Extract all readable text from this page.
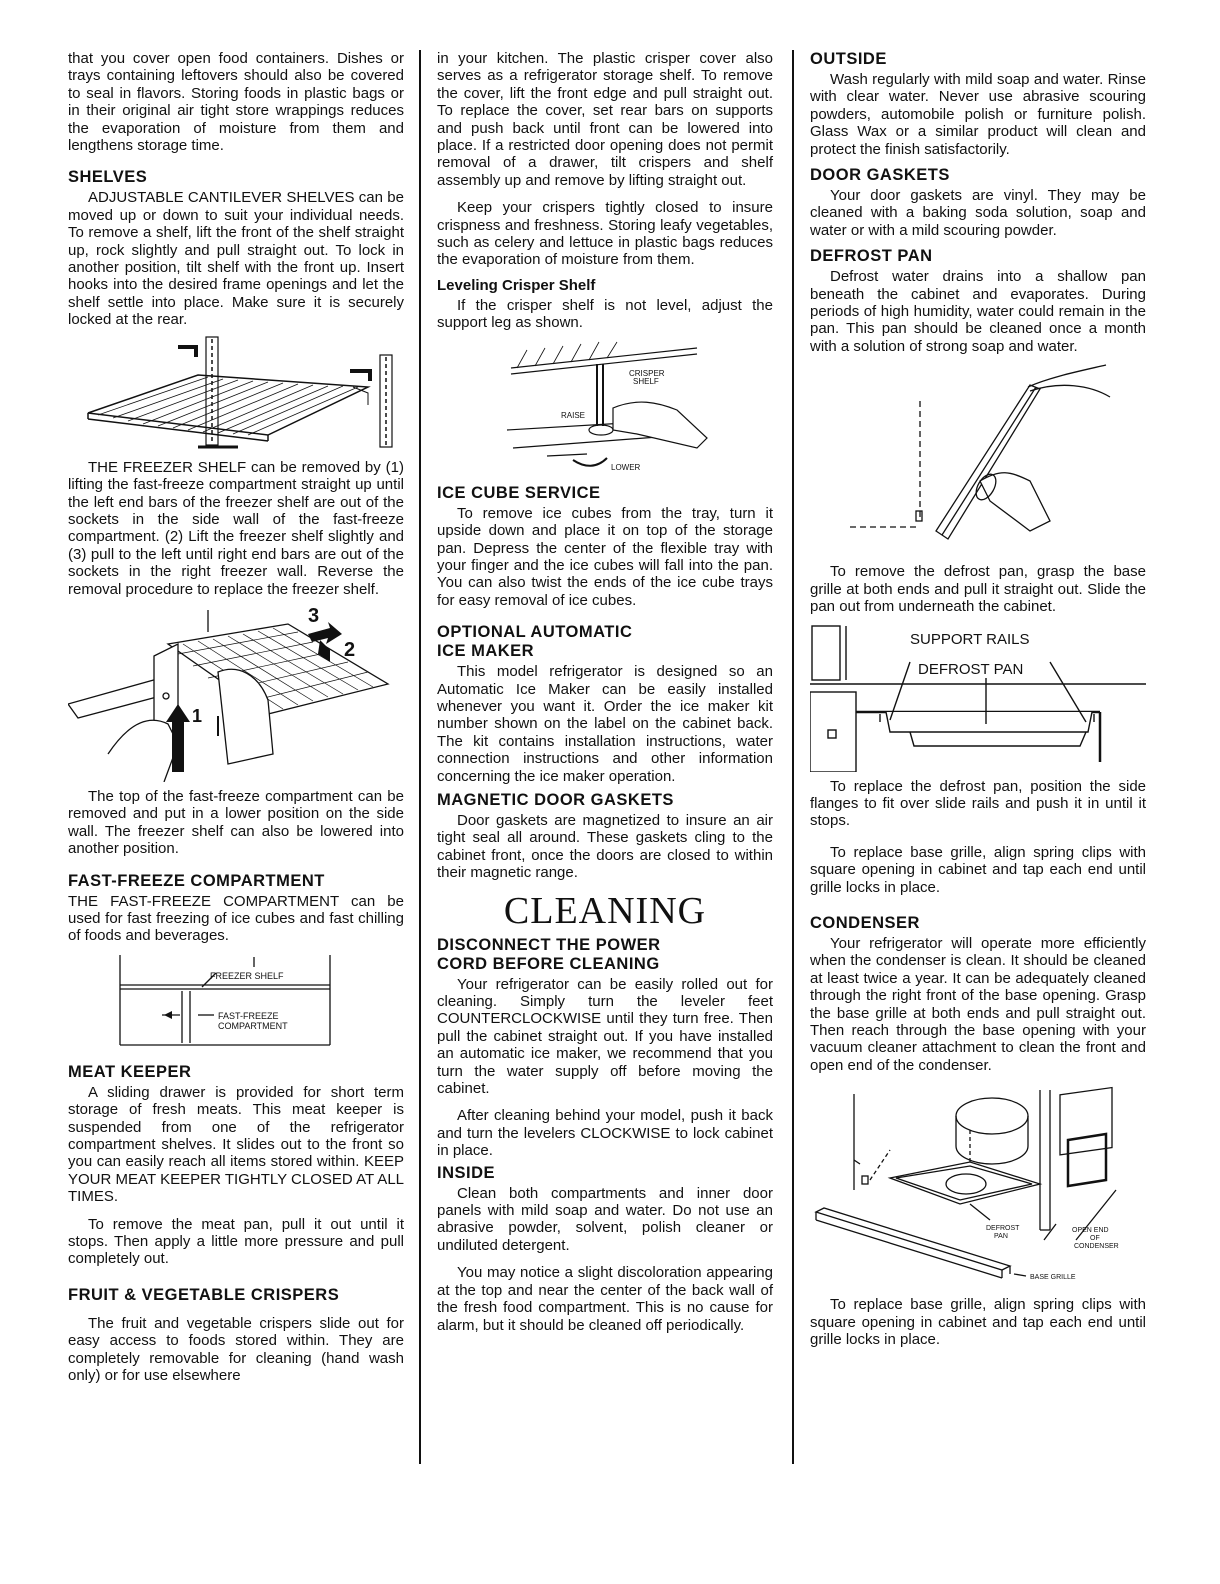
that you cover open food containers. Dishes or trays containing leftovers should also be covered to seal in flavors. Storing foods in plastic bags or in their original air tight store wrappings reduces the evaporation of moisture from them and lengthens storage time.

SHELVES

ADJUSTABLE CANTILEVER SHELVES can be moved up or down to suit your individual needs. To remove a shelf, lift the front of the shelf straight up, rock slightly and pull straight out. To lock in another position, tilt shelf with the front up. Insert hooks into the desired frame openings and let the shelf settle into place. Make sure it is securely locked at the rear.

THE FREEZER SHELF can be removed by (1) lifting the fast-freeze compartment straight up until the left end bars of the freezer shelf are out of the sockets in the side wall of the fast-freeze compartment. (2) Lift the freezer shelf slightly and (3) pull to the left until right end bars are out of the sockets in the right freezer wall. Reverse the removal procedure to replace the freezer shelf.

3
2
1

The top of the fast-freeze compartment can be removed and put in a lower position on the side wall. The freezer shelf can also be lowered into another position.

FAST-FREEZE COMPARTMENT

THE FAST-FREEZE COMPARTMENT can be used for fast freezing of ice cubes and fast chilling of foods and beverages.

FREEZER SHELF
FAST-FREEZE
COMPARTMENT
MEAT KEEPER

A sliding drawer is provided for short term storage of fresh meats. This meat keeper is suspended from one of the refrigerator compartment shelves. It slides out to the front so you can easily reach all items stored within. KEEP YOUR MEAT KEEPER TIGHTLY CLOSED AT ALL TIMES.

To remove the meat pan, pull it out until it stops. Then apply a little more pressure and pull completely out.

FRUIT & VEGETABLE CRISPERS

The fruit and vegetable crispers slide out for easy access to foods stored within. They are completely removable for cleaning (hand wash only) or for use elsewhere

in your kitchen. The plastic crisper cover also serves as a refrigerator storage shelf. To remove the cover, lift the front edge and pull straight out. To replace the cover, set rear bars on supports and push back until front can be lowered into place. If a restricted door opening does not permit removal of a drawer, tilt crispers and shelf assembly up and remove by lifting straight out.

Keep your crispers tightly closed to insure crispness and freshness. Storing leafy vegetables, such as celery and lettuce in plastic bags reduces the evaporation of moisture from them.

Leveling Crisper Shelf

If the crisper shelf is not level, adjust the support leg as shown.

CRISPER
SHELF
RAISE
LOWER
ICE CUBE SERVICE

To remove ice cubes from the tray, turn it upside down and place it on top of the storage pan. Depress the center of the flexible tray with your finger and the ice cubes will fall into the pan. You can also twist the ends of the ice cube trays for easy removal of ice cubes.

OPTIONAL AUTOMATIC
ICE MAKER

This model refrigerator is designed so an Automatic Ice Maker can be easily installed whenever you want it. Order the ice maker kit number shown on the label on the cabinet back. The kit contains installation instructions, water connection instructions and other information concerning the ice maker operation.

MAGNETIC DOOR GASKETS

Door gaskets are magnetized to insure an air tight seal all around. These gaskets cling to the cabinet front, once the doors are closed to within their magnetic range.

CLEANING
DISCONNECT THE POWER
CORD BEFORE CLEANING

Your refrigerator can be easily rolled out for cleaning. Simply turn the leveler feet COUNTERCLOCKWISE until they turn free. Then pull the cabinet straight out. If you have installed an automatic ice maker, we recommend that you turn the water supply off before moving the cabinet.

After cleaning behind your model, push it back and turn the levelers CLOCKWISE to lock cabinet in place.

INSIDE

Clean both compartments and inner door panels with mild soap and water. Do not use an abrasive powder, solvent, polish cleaner or undiluted detergent.

You may notice a slight discoloration appearing at the top and near the center of the back wall of the fresh food compartment. This is no cause for alarm, but it should be cleaned off periodically.

OUTSIDE

Wash regularly with mild soap and water. Rinse with clear water. Never use abrasive scouring powders, automobile polish or furniture polish. Glass Wax or a similar product will clean and protect the finish satisfactorily.

DOOR GASKETS

Your door gaskets are vinyl. They may be cleaned with a baking soda solution, soap and water or with a mild scouring powder.

DEFROST PAN

Defrost water drains into a shallow pan beneath the cabinet and evaporates. During periods of high humidity, water could remain in the pan. This pan should be cleaned once a month with a solution of strong soap and water.

To remove the defrost pan, grasp the base grille at both ends and pull it straight out. Slide the pan out from underneath the cabinet.

SUPPORT RAILS
DEFROST PAN

To replace the defrost pan, position the side flanges to fit over slide rails and push it in until it stops.

To replace base grille, align spring clips with square opening in cabinet and tap each end until grille locks in place.

CONDENSER

Your refrigerator will operate more efficiently when the condenser is clean. It should be cleaned at least twice a year. It can be adequately cleaned through the right front of the base opening. Grasp the base grille at both ends and pull straight out. Then reach through the base opening with your vacuum cleaner attachment to clean the front and open end of the condenser.

DEFROST
PAN
OPEN END
OF
CONDENSER
BASE GRILLE

To replace base grille, align spring clips with square opening in cabinet and tap each end until grille locks in place.
